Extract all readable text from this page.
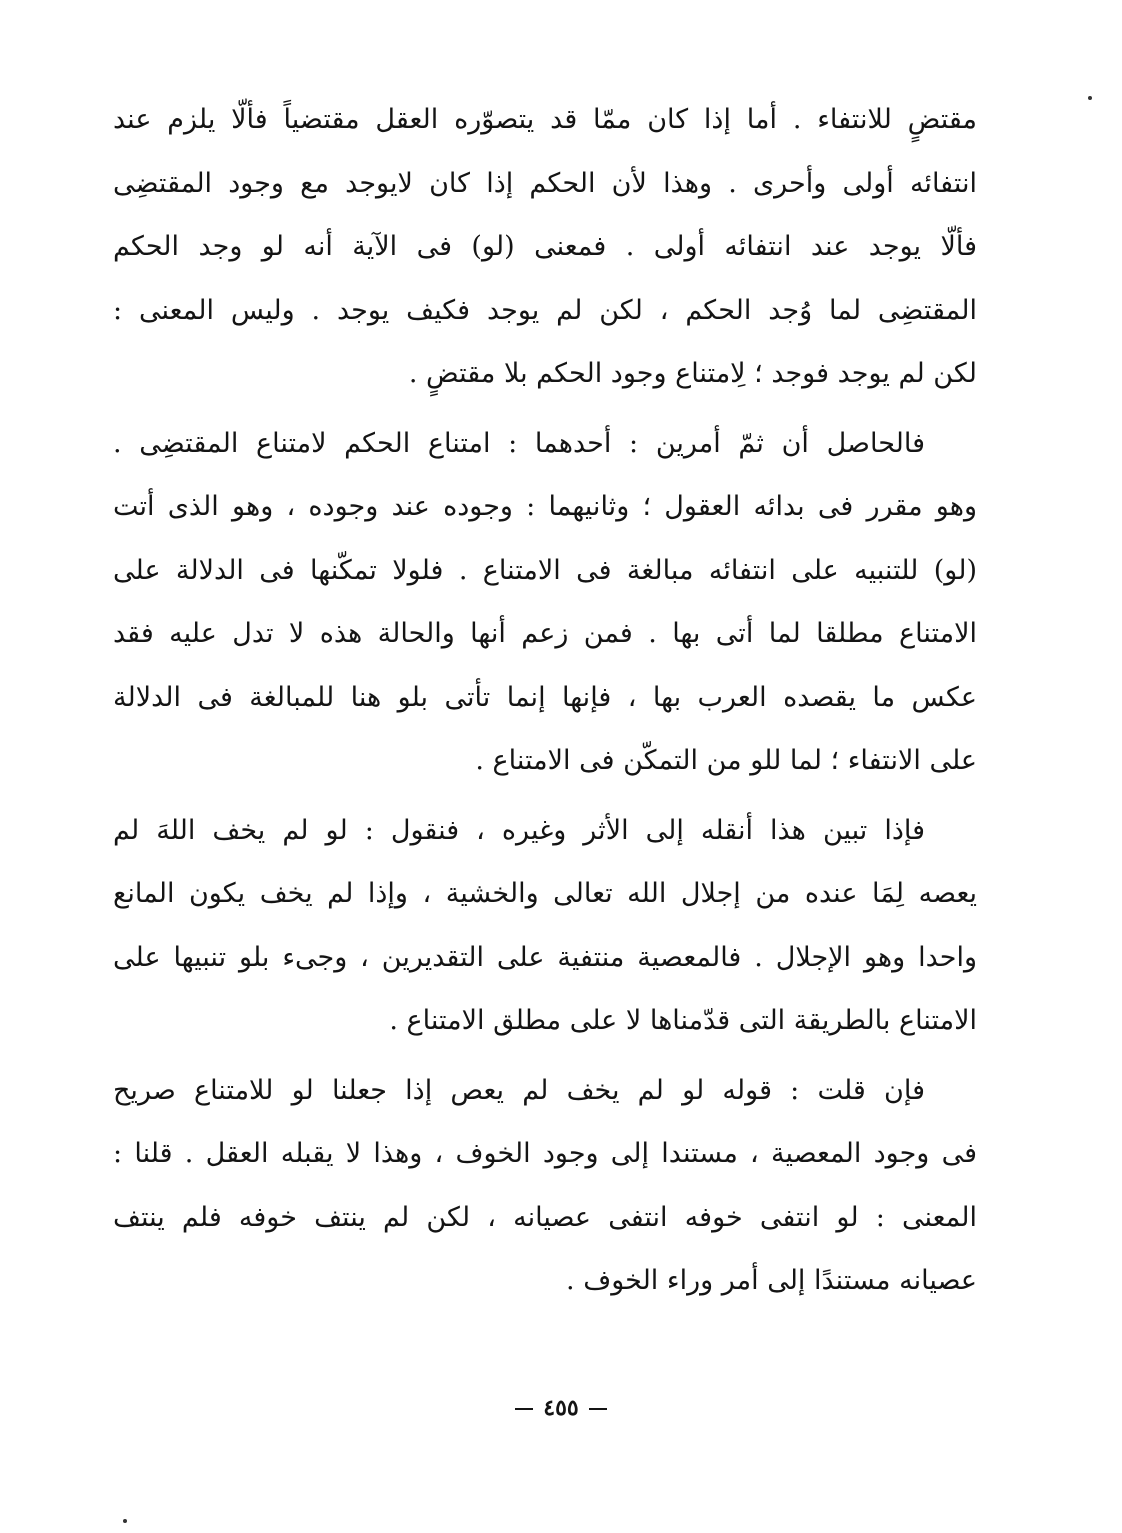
مقتضٍ للانتفاء . أما إذا كان ممّا قد يتصوّره العقل مقتضياً فألّا يلزم عند
انتفائه أولى وأحرى . وهذا لأن الحكم إذا كان لايوجد مع وجود المقتضِى
فألّا يوجد عند انتفائه أولى . فمعنى (لو) فى الآية أنه لو وجد الحكم
المقتضِى لما وُجد الحكم ، لكن لم يوجد فكيف يوجد . وليس المعنى :
لكن لم يوجد فوجد ؛ لِامتناع وجود الحكم بلا مقتضٍ .
فالحاصل أن ثمّ أمرين : أحدهما : امتناع الحكم لامتناع المقتضِى .
وهو مقرر فى بدائه العقول ؛ وثانيهما : وجوده عند وجوده ، وهو الذى أتت
(لو) للتنبيه على انتفائه مبالغة فى الامتناع . فلولا تمكّنها فى الدلالة على
الامتناع مطلقا لما أتى بها . فمن زعم أنها والحالة هذه لا تدل عليه فقد
عكس ما يقصده العرب بها ، فإنها إنما تأتى بلو هنا للمبالغة فى الدلالة
على الانتفاء ؛ لما للو من التمكّن فى الامتناع .
فإذا تبين هذا أنقله إلى الأثر وغيره ، فنقول : لو لم يخف اللهَ لم
يعصه لِمَا عنده من إجلال الله تعالى والخشية ، وإذا لم يخف يكون المانع
واحدا وهو الإجلال . فالمعصية منتفية على التقديرين ، وجىء بلو تنبيها على
الامتناع بالطريقة التى قدّمناها لا على مطلق الامتناع .
فإن قلت : قوله لو لم يخف لم يعص إذا جعلنا لو للامتناع صريح
فى وجود المعصية ، مستندا إلى وجود الخوف ، وهذا لا يقبله العقل . قلنا :
المعنى : لو انتفى خوفه انتفى عصيانه ، لكن لم ينتف خوفه فلم ينتف
عصيانه مستندًا إلى أمر وراء الخوف .
٤٥٥
